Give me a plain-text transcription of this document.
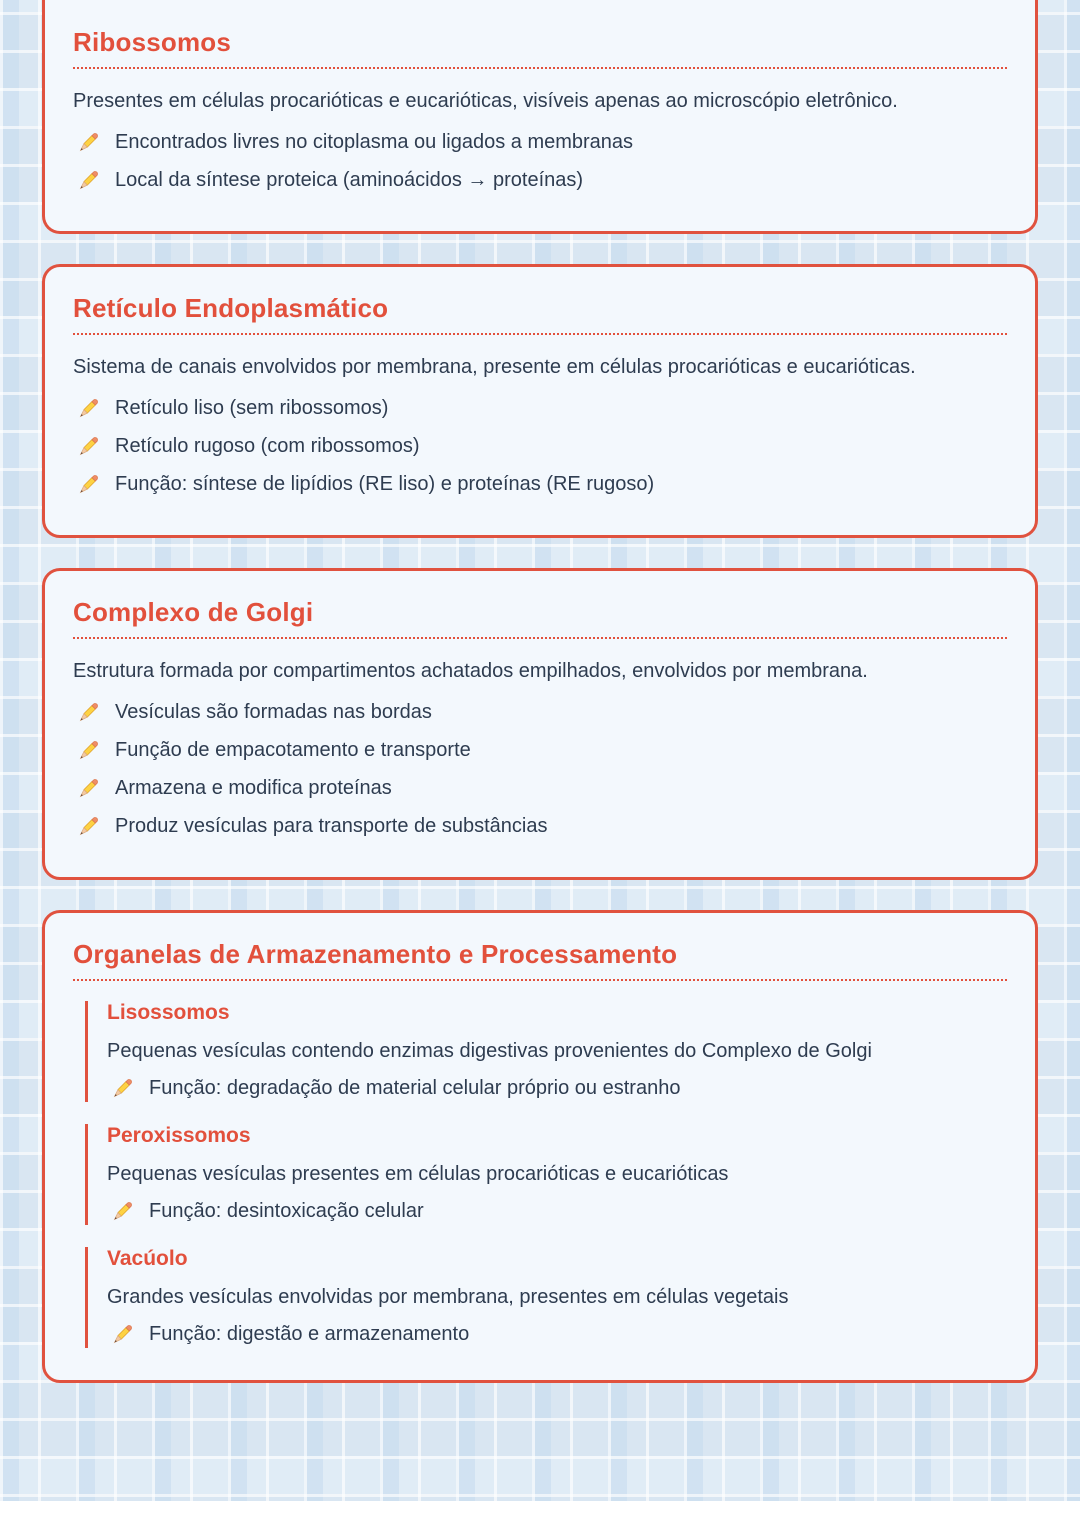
Ribossomos

Presentes em células procarióticas e eucarióticas, visíveis apenas ao microscópio eletrônico.

Encontrados livres no citoplasma ou ligados a membranas
Local da síntese proteica (aminoácidos → proteínas)
Retículo Endoplasmático

Sistema de canais envolvidos por membrana, presente em células procarióticas e eucarióticas.

Retículo liso (sem ribossomos)
Retículo rugoso (com ribossomos)
Função: síntese de lipídios (RE liso) e proteínas (RE rugoso)
Complexo de Golgi

Estrutura formada por compartimentos achatados empilhados, envolvidos por membrana.

Vesículas são formadas nas bordas
Função de empacotamento e transporte
Armazena e modifica proteínas
Produz vesículas para transporte de substâncias
Organelas de Armazenamento e Processamento
Lisossomos

Pequenas vesículas contendo enzimas digestivas provenientes do Complexo de Golgi

Função: degradação de material celular próprio ou estranho
Peroxissomos

Pequenas vesículas presentes em células procarióticas e eucarióticas

Função: desintoxicação celular
Vacúolo

Grandes vesículas envolvidas por membrana, presentes em células vegetais

Função: digestão e armazenamento
